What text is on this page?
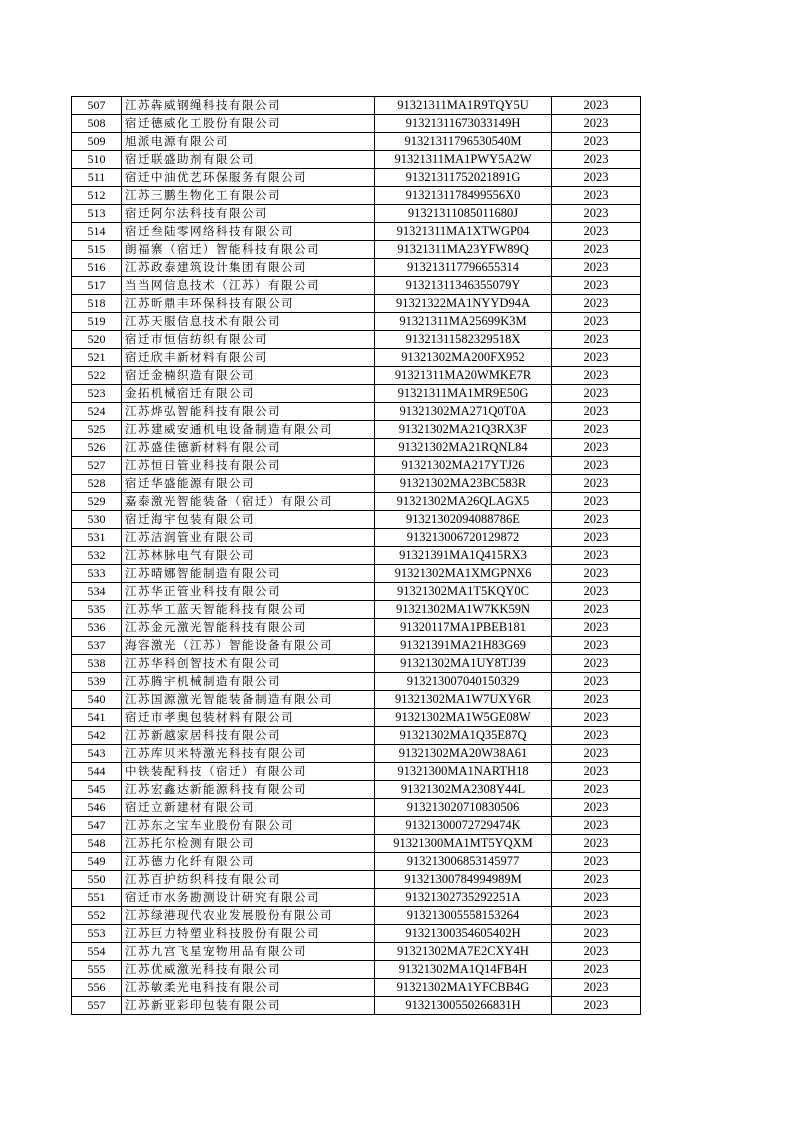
507	江苏犇威钢绳科技有限公司	91321311MA1R9TQY5U	2023
508	宿迁德威化工股份有限公司	91321311673033149H	2023
509	旭派电源有限公司	91321311796530540M	2023
510	宿迁联盛助剂有限公司	91321311MA1PWY5A2W	2023
511	宿迁中油优艺环保服务有限公司	91321311752021891G	2023
512	江苏三鹏生物化工有限公司	9132131178499556X0	2023
513	宿迁阿尔法科技有限公司	91321311085011680J	2023
514	宿迁叁陆零网络科技有限公司	91321311MA1XTWGP04	2023
515	朗福寨（宿迁）智能科技有限公司	91321311MA23YFW89Q	2023
516	江苏政泰建筑设计集团有限公司	913213117796655314	2023
517	当当网信息技术（江苏）有限公司	91321311346355079Y	2023
518	江苏昕鼎丰环保科技有限公司	91321322MA1NYYD94A	2023
519	江苏天服信息技术有限公司	91321311MA25699K3M	2023
520	宿迁市恒信纺织有限公司	91321311582329518X	2023
521	宿迁欣丰新材料有限公司	91321302MA200FX952	2023
522	宿迁金楠织造有限公司	91321311MA20WMKE7R	2023
523	金拓机械宿迁有限公司	91321311MA1MR9E50G	2023
524	江苏烨弘智能科技有限公司	91321302MA271Q0T0A	2023
525	江苏建威安通机电设备制造有限公司	91321302MA21Q3RX3F	2023
526	江苏盛佳德新材料有限公司	91321302MA21RQNL84	2023
527	江苏恒日管业科技有限公司	91321302MA217YTJ26	2023
528	宿迁华盛能源有限公司	91321302MA23BC583R	2023
529	嘉泰激光智能装备（宿迁）有限公司	91321302MA26QLAGX5	2023
530	宿迁海宇包装有限公司	91321302094088786E	2023
531	江苏洁润管业有限公司	913213006720129872	2023
532	江苏林脉电气有限公司	91321391MA1Q415RX3	2023
533	江苏晴娜智能制造有限公司	91321302MA1XMGPNX6	2023
534	江苏华正管业科技有限公司	91321302MA1T5KQY0C	2023
535	江苏华工蓝天智能科技有限公司	91321302MA1W7KK59N	2023
536	江苏金元激光智能科技有限公司	91320117MA1PBEB181	2023
537	海容激光（江苏）智能设备有限公司	91321391MA21H83G69	2023
538	江苏华科创智技术有限公司	91321302MA1UY8TJ39	2023
539	江苏腾宇机械制造有限公司	913213007040150329	2023
540	江苏国源激光智能装备制造有限公司	91321302MA1W7UXY6R	2023
541	宿迁市孝奥包装材料有限公司	91321302MA1W5GE08W	2023
542	江苏新越家居科技有限公司	91321302MA1Q35E87Q	2023
543	江苏库贝米特激光科技有限公司	91321302MA20W38A61	2023
544	中铁装配科技（宿迁）有限公司	91321300MA1NARTH18	2023
545	江苏宏鑫达新能源科技有限公司	91321302MA2308Y44L	2023
546	宿迁立新建材有限公司	913213020710830506	2023
547	江苏东之宝车业股份有限公司	91321300072729474K	2023
548	江苏托尔检测有限公司	91321300MA1MT5YQXM	2023
549	江苏德力化纤有限公司	913213006853145977	2023
550	江苏百护纺织科技有限公司	91321300784994989M	2023
551	宿迁市水务勘测设计研究有限公司	91321302735292251A	2023
552	江苏绿港现代农业发展股份有限公司	913213005558153264	2023
553	江苏巨力特塑业科技股份有限公司	91321300354605402H	2023
554	江苏九宫飞星宠物用品有限公司	91321302MA7E2CXY4H	2023
555	江苏优威激光科技有限公司	91321302MA1Q14FB4H	2023
556	江苏敏柔光电科技有限公司	91321302MA1YFCBB4G	2023
557	江苏新亚彩印包装有限公司	91321300550266831H	2023
